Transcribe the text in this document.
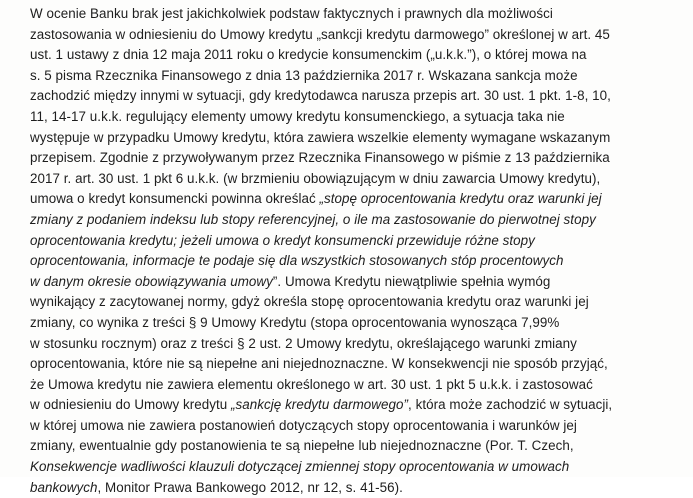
W ocenie Banku brak jest jakichkolwiek podstaw faktycznych i prawnych dla możliwości
zastosowania w odniesieniu do Umowy kredytu „sankcji kredytu darmowego” określonej w art. 45
ust. 1 ustawy z dnia 12 maja 2011 roku o kredycie konsumenckim („u.k.k.”), o której mowa na
s. 5 pisma Rzecznika Finansowego z dnia 13 października 2017 r. Wskazana sankcja może
zachodzić między innymi w sytuacji, gdy kredytodawca narusza przepis art. 30 ust. 1 pkt. 1-8, 10,
11, 14-17 u.k.k. regulujący elementy umowy kredytu konsumenckiego, a sytuacja taka nie
występuje w przypadku Umowy kredytu, która zawiera wszelkie elementy wymagane wskazanym
przepisem. Zgodnie z przywoływanym przez Rzecznika Finansowego w piśmie z 13 października
2017 r. art. 30 ust. 1 pkt 6 u.k.k. (w brzmieniu obowiązującym w dniu zawarcia Umowy kredytu),
umowa o kredyt konsumencki powinna określać „stopę oprocentowania kredytu oraz warunki jej
zmiany z podaniem indeksu lub stopy referencyjnej, o ile ma zastosowanie do pierwotnej stopy
oprocentowania kredytu; jeżeli umowa o kredyt konsumencki przewiduje różne stopy
oprocentowania, informacje te podaje się dla wszystkich stosowanych stóp procentowych
w danym okresie obowiązywania umowy”. Umowa Kredytu niewątpliwie spełnia wymóg
wynikający z zacytowanej normy, gdyż określa stopę oprocentowania kredytu oraz warunki jej
zmiany, co wynika z treści § 9 Umowy Kredytu (stopa oprocentowania wynosząca 7,99%
w stosunku rocznym) oraz z treści § 2 ust. 2 Umowy kredytu, określającego warunki zmiany
oprocentowania, które nie są niepełne ani niejednoznaczne. W konsekwencji nie sposób przyjąć,
że Umowa kredytu nie zawiera elementu określonego w art. 30 ust. 1 pkt 5 u.k.k. i zastosować
w odniesieniu do Umowy kredytu „sankcję kredytu darmowego”, która może zachodzić w sytuacji,
w której umowa nie zawiera postanowień dotyczących stopy oprocentowania i warunków jej
zmiany, ewentualnie gdy postanowienia te są niepełne lub niejednoznaczne (Por. T. Czech,
Konsekwencje wadliwości klauzuli dotyczącej zmiennej stopy oprocentowania w umowach
bankowych, Monitor Prawa Bankowego 2012, nr 12, s. 41-56).
